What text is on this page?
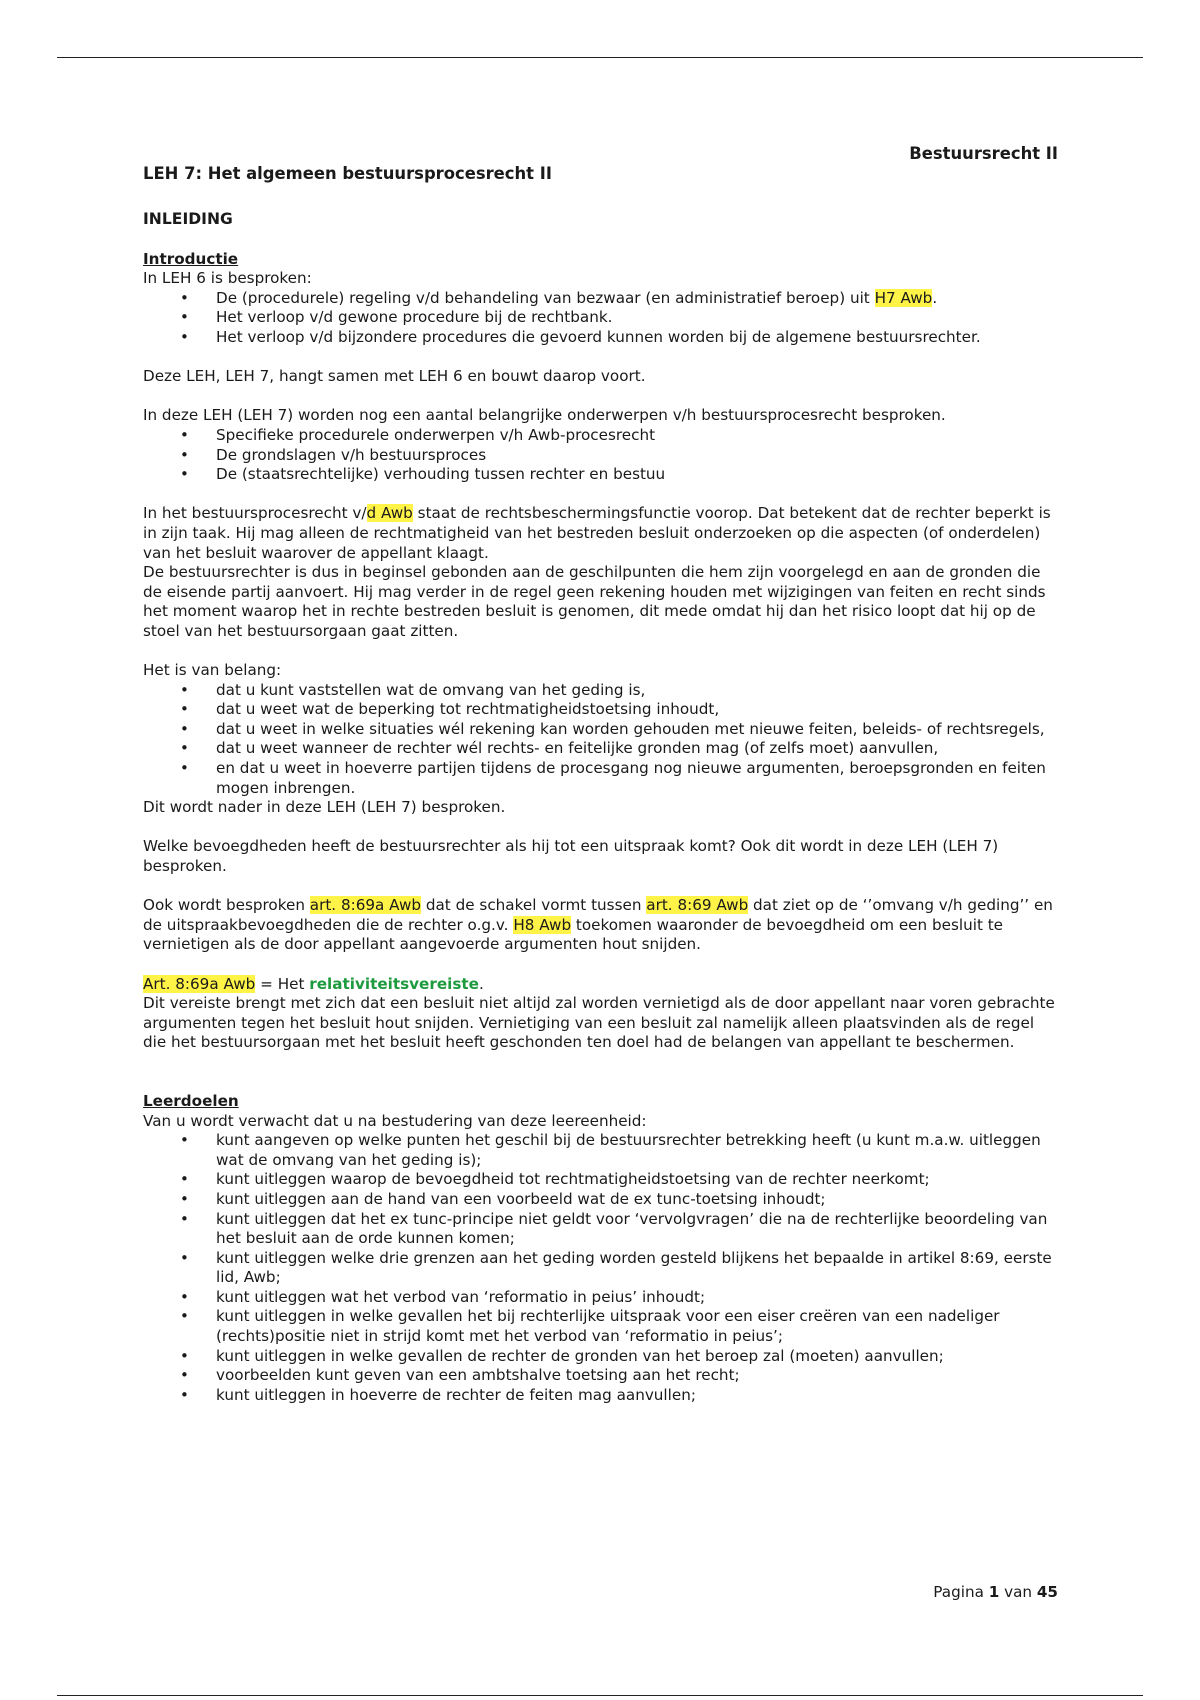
Bestuursrecht II
LEH 7: Het algemeen bestuursprocesrecht II
INLEIDING

Introductie

In LEH 6 is besproken:

• De (procedurele) regeling v/d behandeling van bezwaar (en administratief beroep) uit H7 Awb.
• Het verloop v/d gewone procedure bij de rechtbank.
• Het verloop v/d bijzondere procedures die gevoerd kunnen worden bij de algemene bestuursrechter.

Deze LEH, LEH 7, hangt samen met LEH 6 en bouwt daarop voort.

In deze LEH (LEH 7) worden nog een aantal belangrijke onderwerpen v/h bestuursprocesrecht besproken.

• Specifieke procedurele onderwerpen v/h Awb-procesrecht
• De grondslagen v/h bestuursproces
• De (staatsrechtelijke) verhouding tussen rechter en bestuu

In het bestuursprocesrecht v/d Awb staat de rechtsbeschermingsfunctie voorop. Dat betekent dat de rechter beperkt is in zijn taak. Hij mag alleen de rechtmatigheid van het bestreden besluit onderzoeken op die aspecten (of onderdelen) van het besluit waarover de appellant klaagt.

De bestuursrechter is dus in beginsel gebonden aan de geschilpunten die hem zijn voorgelegd en aan de gronden die de eisende partij aanvoert. Hij mag verder in de regel geen rekening houden met wijzigingen van feiten en recht sinds het moment waarop het in rechte bestreden besluit is genomen, dit mede omdat hij dan het risico loopt dat hij op de stoel van het bestuursorgaan gaat zitten.

Het is van belang:

• dat u kunt vaststellen wat de omvang van het geding is,
• dat u weet wat de beperking tot rechtmatigheidstoetsing inhoudt,
• dat u weet in welke situaties wél rekening kan worden gehouden met nieuwe feiten, beleids- of rechtsregels,
• dat u weet wanneer de rechter wél rechts- en feitelijke gronden mag (of zelfs moet) aanvullen,
• en dat u weet in hoeverre partijen tijdens de procesgang nog nieuwe argumenten, beroepsgronden en feiten mogen inbrengen.

Dit wordt nader in deze LEH (LEH 7) besproken.

Welke bevoegdheden heeft de bestuursrechter als hij tot een uitspraak komt? Ook dit wordt in deze LEH (LEH 7) besproken.

Ook wordt besproken art. 8:69a Awb dat de schakel vormt tussen art. 8:69 Awb dat ziet op de ‘’omvang v/h geding’’ en de uitspraakbevoegdheden die de rechter o.g.v. H8 Awb toekomen waaronder de bevoegdheid om een besluit te vernietigen als de door appellant aangevoerde argumenten hout snijden.

Art. 8:69a Awb = Het relativiteitsvereiste.

Dit vereiste brengt met zich dat een besluit niet altijd zal worden vernietigd als de door appellant naar voren gebrachte argumenten tegen het besluit hout snijden. Vernietiging van een besluit zal namelijk alleen plaatsvinden als de regel die het bestuursorgaan met het besluit heeft geschonden ten doel had de belangen van appellant te beschermen.

Leerdoelen

Van u wordt verwacht dat u na bestudering van deze leereenheid:

• kunt aangeven op welke punten het geschil bij de bestuursrechter betrekking heeft (u kunt m.a.w. uitleggen wat de omvang van het geding is);
• kunt uitleggen waarop de bevoegdheid tot rechtmatigheidstoetsing van de rechter neerkomt;
• kunt uitleggen aan de hand van een voorbeeld wat de ex tunc-toetsing inhoudt;
• kunt uitleggen dat het ex tunc-principe niet geldt voor ‘vervolgvragen’ die na de rechterlijke beoordeling van het besluit aan de orde kunnen komen;
• kunt uitleggen welke drie grenzen aan het geding worden gesteld blijkens het bepaalde in artikel 8:69, eerste lid, Awb;
• kunt uitleggen wat het verbod van ‘reformatio in peius’ inhoudt;
• kunt uitleggen in welke gevallen het bij rechterlijke uitspraak voor een eiser creëren van een nadeliger (rechts)positie niet in strijd komt met het verbod van ‘reformatio in peius’;
• kunt uitleggen in welke gevallen de rechter de gronden van het beroep zal (moeten) aanvullen;
• voorbeelden kunt geven van een ambtshalve toetsing aan het recht;
• kunt uitleggen in hoeverre de rechter de feiten mag aanvullen;
Pagina 1 van 45
